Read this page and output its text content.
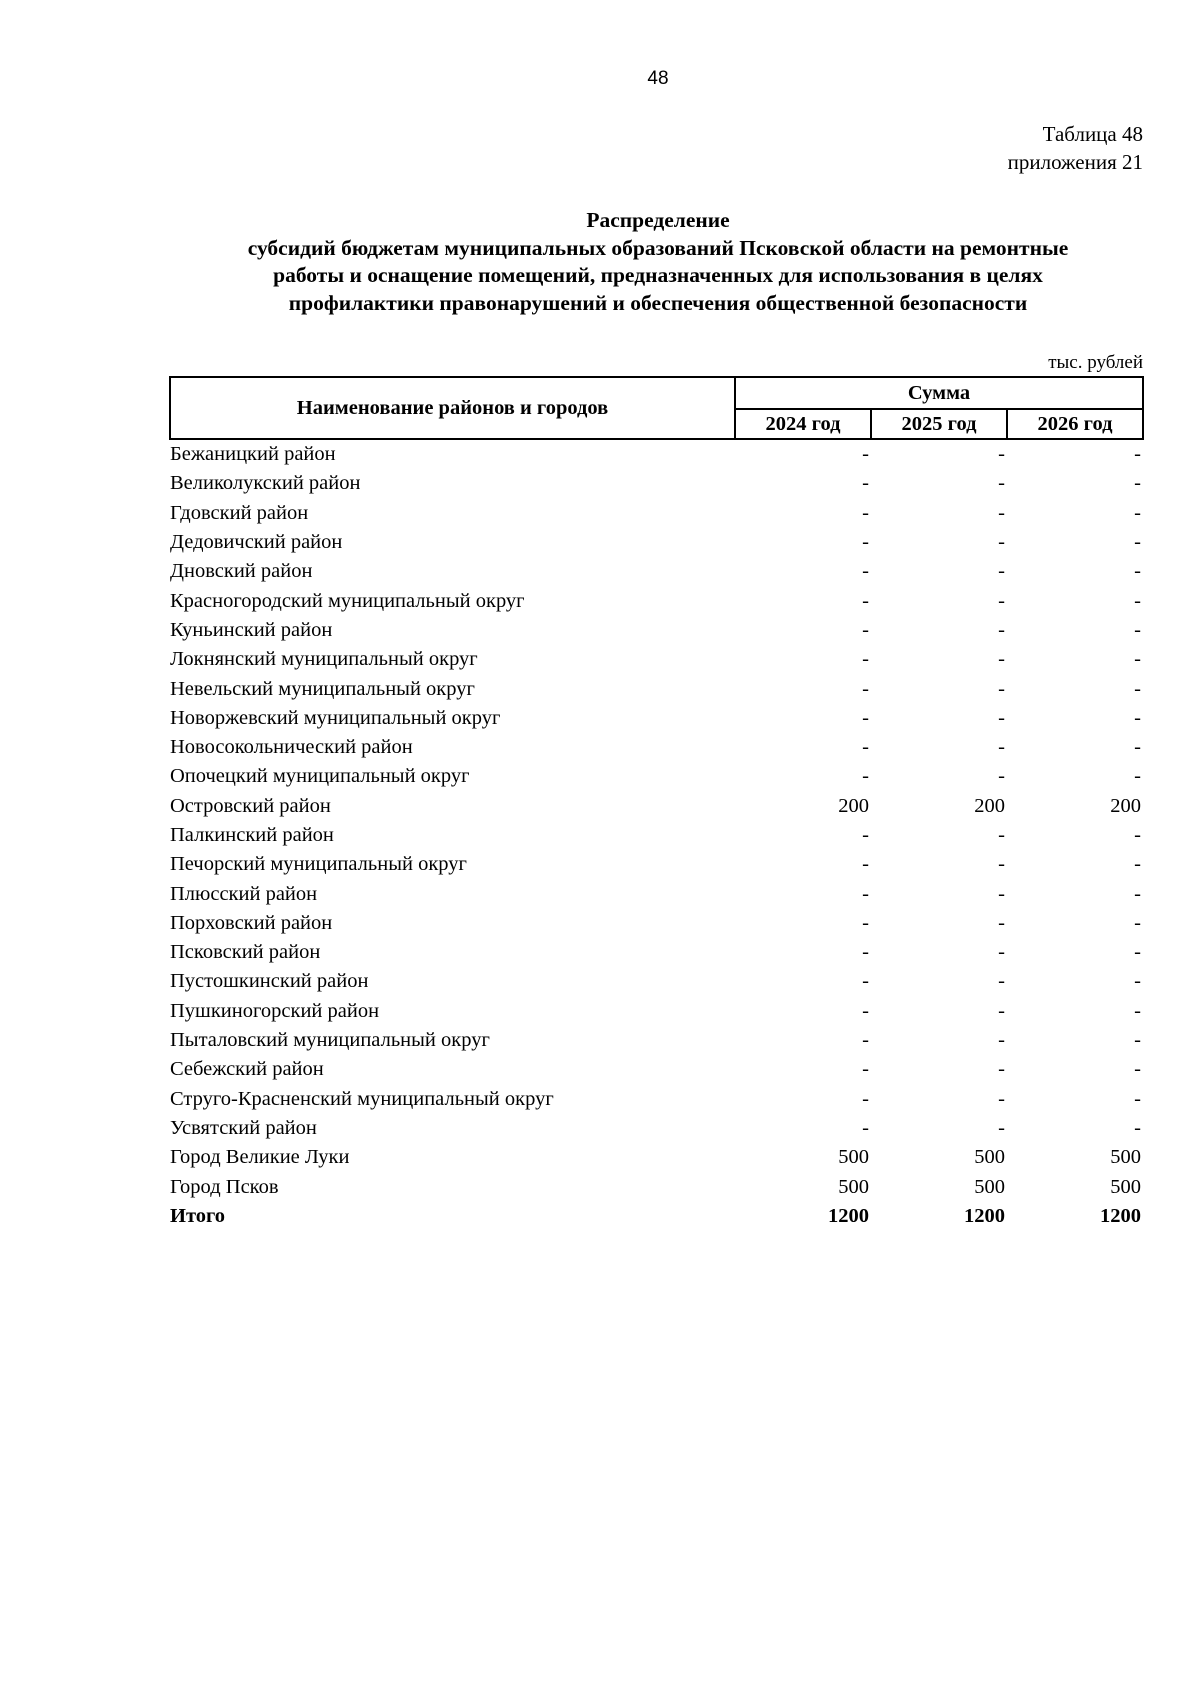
48
Таблица 48
приложения 21
Распределение
субсидий бюджетам муниципальных образований Псковской области на ремонтные
работы и оснащение помещений, предназначенных для использования в целях
профилактики правонарушений и обеспечения общественной безопасности
тыс. рублей
Наименование районов и городов	Сумма		
	2024 год	2025 год	2026 год
Бежаницкий район	-	-	-
Великолукский район	-	-	-
Гдовский район	-	-	-
Дедовичский район	-	-	-
Дновский район	-	-	-
Красногородский муниципальный округ	-	-	-
Куньинский район	-	-	-
Локнянский муниципальный округ	-	-	-
Невельский муниципальный округ	-	-	-
Новоржевский муниципальный округ	-	-	-
Новосокольнический район	-	-	-
Опочецкий муниципальный округ	-	-	-
Островский район	200	200	200
Палкинский район	-	-	-
Печорский муниципальный округ	-	-	-
Плюсский район	-	-	-
Порховский район	-	-	-
Псковский район	-	-	-
Пустошкинский район	-	-	-
Пушкиногорский район	-	-	-
Пыталовский муниципальный округ	-	-	-
Себежский район	-	-	-
Струго-Красненский муниципальный округ	-	-	-
Усвятский район	-	-	-
Город Великие Луки	500	500	500
Город Псков	500	500	500
Итого	1200	1200	1200
